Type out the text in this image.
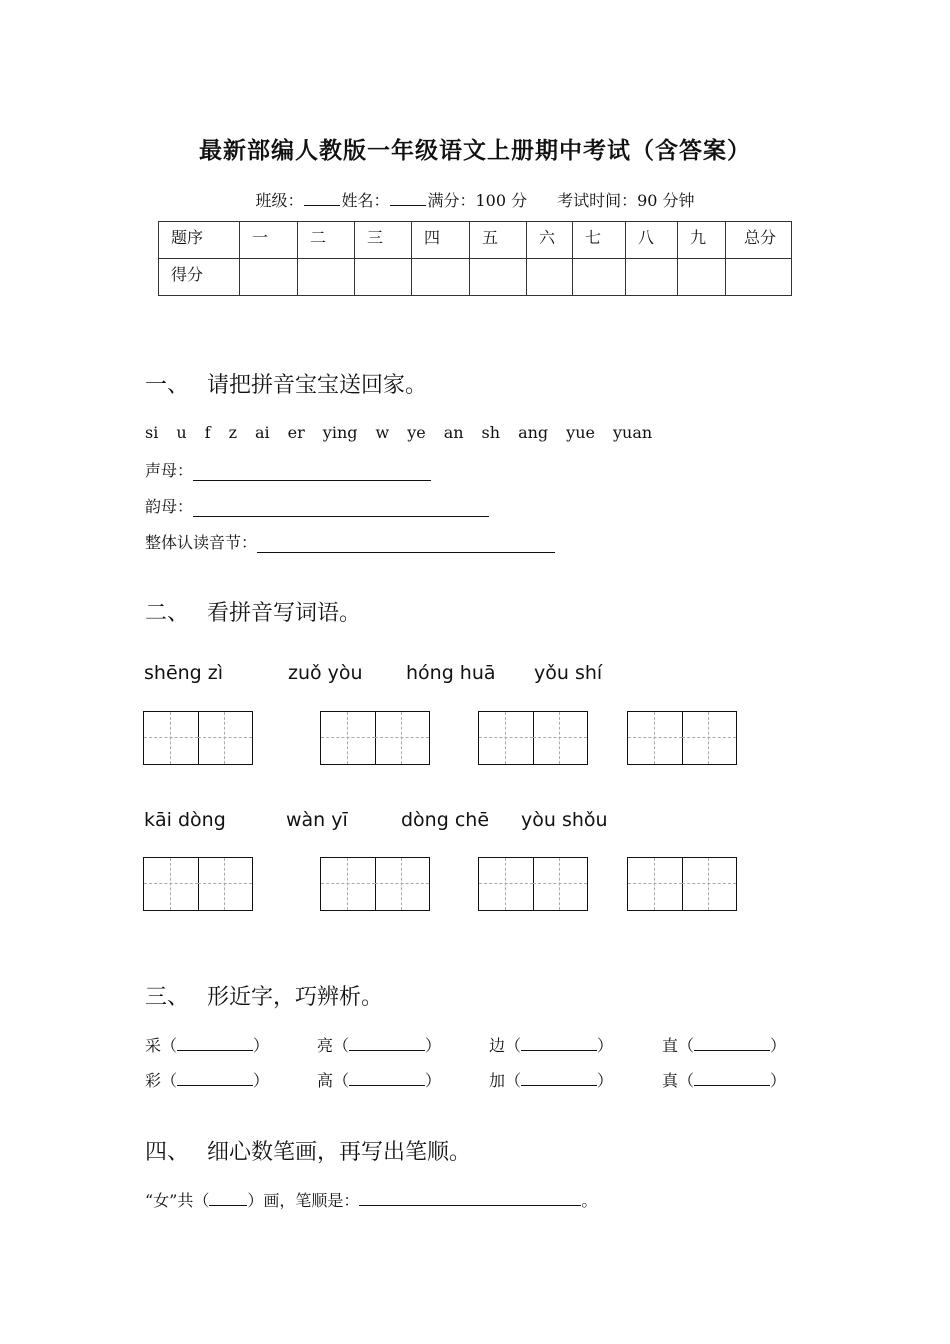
最新部编人教版一年级语文上册期中考试（含答案）
班级： 姓名： 满分：100 分 考试时间：90 分钟
题序	一	二	三	四	五	六	七	八	九	总分
得分										
一、 请把拼音宝宝送回家。
si u f z ai er ying w ye an sh ang yue yuan
声母：
韵母：
整体认读音节：
二、 看拼音写词语。
shēng zì	zuǒ yòu hóng huā yǒu shí
kāi dòng	wàn yī	dòng chē yòu shǒu
三、 形近字，巧辨析。
采（	）	亮（	）	边（	）	直（	）
彩（	）	高（	）	加（	）	真（	）
四、 细心数笔画，再写出笔顺。
“女”共（ ）画，笔顺是：	。
